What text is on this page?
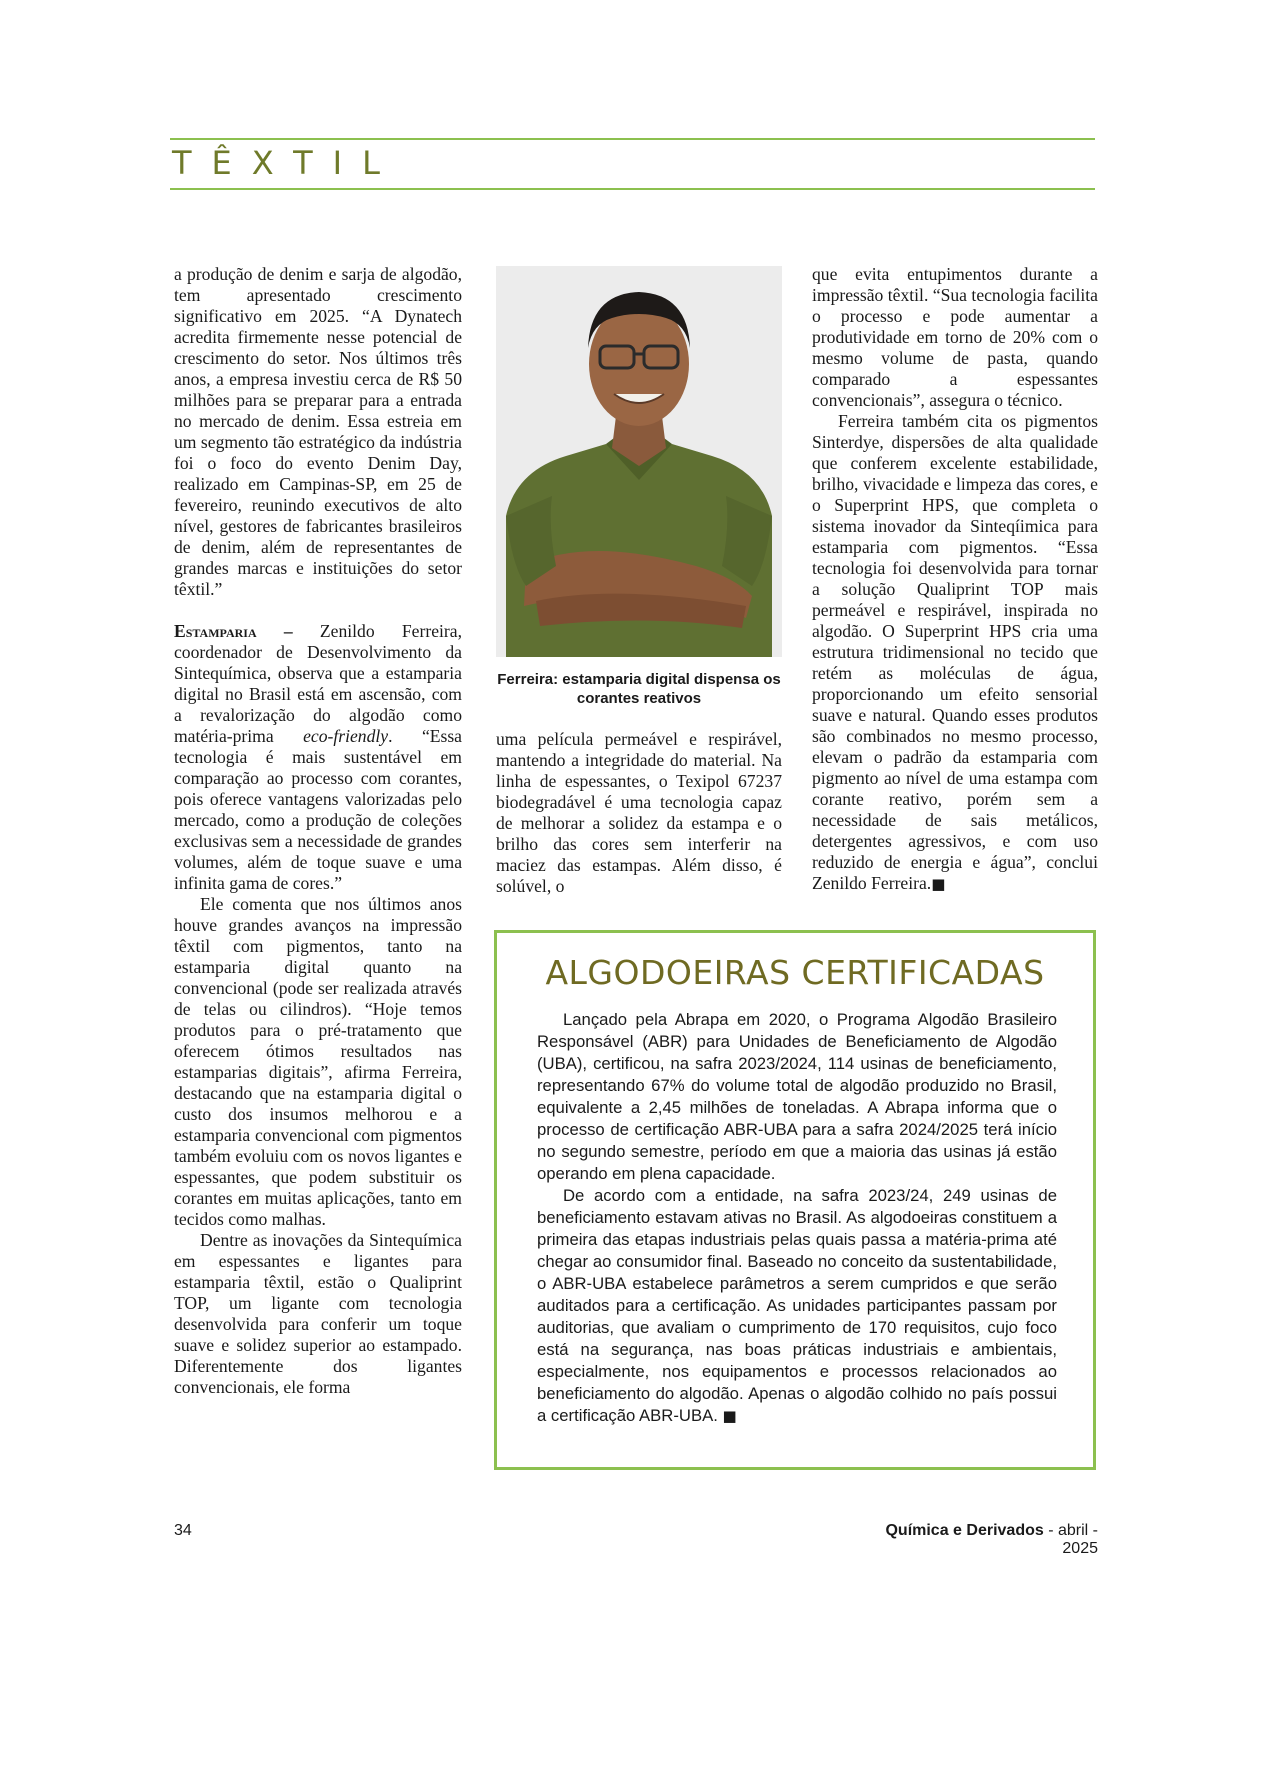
TÊXTIL

a produção de denim e sarja de algodão, tem apresentado crescimento significativo em 2025. “A Dynatech acredita firmemente nesse potencial de crescimento do setor. Nos últimos três anos, a empresa investiu cerca de R$ 50 milhões para se preparar para a entrada no mercado de denim. Essa estreia em um segmento tão estratégico da indústria foi o foco do evento Denim Day, realizado em Campinas-SP, em 25 de fevereiro, reunindo executivos de alto nível, gestores de fabricantes brasileiros de denim, além de representantes de grandes marcas e instituições do setor têxtil.”

Estamparia – Zenildo Ferreira, coordenador de Desenvolvimento da Sintequímica, observa que a estamparia digital no Brasil está em ascensão, com a revalorização do algodão como matéria-prima eco-friendly. “Essa tecnologia é mais sustentável em comparação ao processo com corantes, pois oferece vantagens valorizadas pelo mercado, como a produção de coleções exclusivas sem a necessidade de grandes volumes, além de toque suave e uma infinita gama de cores.”

Ele comenta que nos últimos anos houve grandes avanços na impressão têxtil com pigmentos, tanto na estamparia digital quanto na convencional (pode ser realizada através de telas ou cilindros). “Hoje temos produtos para o pré-tratamento que oferecem ótimos resultados nas estamparias digitais”, afirma Ferreira, destacando que na estamparia digital o custo dos insumos melhorou e a estamparia convencional com pigmentos também evoluiu com os novos ligantes e espessantes, que podem substituir os corantes em muitas aplicações, tanto em tecidos como malhas.

Dentre as inovações da Sintequímica em espessantes e ligantes para estamparia têxtil, estão o Qualiprint TOP, um ligante com tecnologia desenvolvida para conferir um toque suave e solidez superior ao estampado. Diferentemente dos ligantes convencionais, ele forma

Ferreira: estamparia digital dispensa os corantes reativos

uma película permeável e respirável, mantendo a integridade do material. Na linha de espessantes, o Texipol 67237 biodegradável é uma tecnologia capaz de melhorar a solidez da estampa e o brilho das cores sem interferir na maciez das estampas. Além disso, é solúvel, o

que evita entupimentos durante a impressão têxtil. “Sua tecnologia facilita o processo e pode aumentar a produtividade em torno de 20% com o mesmo volume de pasta, quando comparado a espessantes convencionais”, assegura o técnico.

Ferreira também cita os pigmentos Sinterdye, dispersões de alta qualidade que conferem excelente estabilidade, brilho, vivacidade e limpeza das cores, e o Superprint HPS, que completa o sistema inovador da Sinteqíimica para estamparia com pigmentos. “Essa tecnologia foi desenvolvida para tornar a solução Qualiprint TOP mais permeável e respirável, inspirada no algodão. O Superprint HPS cria uma estrutura tridimensional no tecido que retém as moléculas de água, proporcionando um efeito sensorial suave e natural. Quando esses produtos são combinados no mesmo processo, elevam o padrão da estamparia com pigmento ao nível de uma estampa com corante reativo, porém sem a necessidade de sais metálicos, detergentes agressivos, e com uso reduzido de energia e água”, conclui Zenildo Ferreira.■

ALGODOEIRAS CERTIFICADAS

Lançado pela Abrapa em 2020, o Programa Algodão Brasileiro Responsável (ABR) para Unidades de Beneficiamento de Algodão (UBA), certificou, na safra 2023/2024, 114 usinas de beneficiamento, representando 67% do volume total de algodão produzido no Brasil, equivalente a 2,45 milhões de toneladas. A Abrapa informa que o processo de certificação ABR-UBA para a safra 2024/2025 terá início no segundo semestre, período em que a maioria das usinas já estão operando em plena capacidade.

De acordo com a entidade, na safra 2023/24, 249 usinas de beneficiamento estavam ativas no Brasil. As algodoeiras constituem a primeira das etapas industriais pelas quais passa a matéria-prima até chegar ao consumidor final. Baseado no conceito da sustentabilidade, o ABR-UBA estabelece parâmetros a serem cumpridos e que serão auditados para a certificação. As unidades participantes passam por auditorias, que avaliam o cumprimento de 170 requisitos, cujo foco está na segurança, nas boas práticas industriais e ambientais, especialmente, nos equipamentos e processos relacionados ao beneficiamento do algodão. Apenas o algodão colhido no país possui a certificação ABR-UBA. ■

34	Química e Derivados - abril - 2025
